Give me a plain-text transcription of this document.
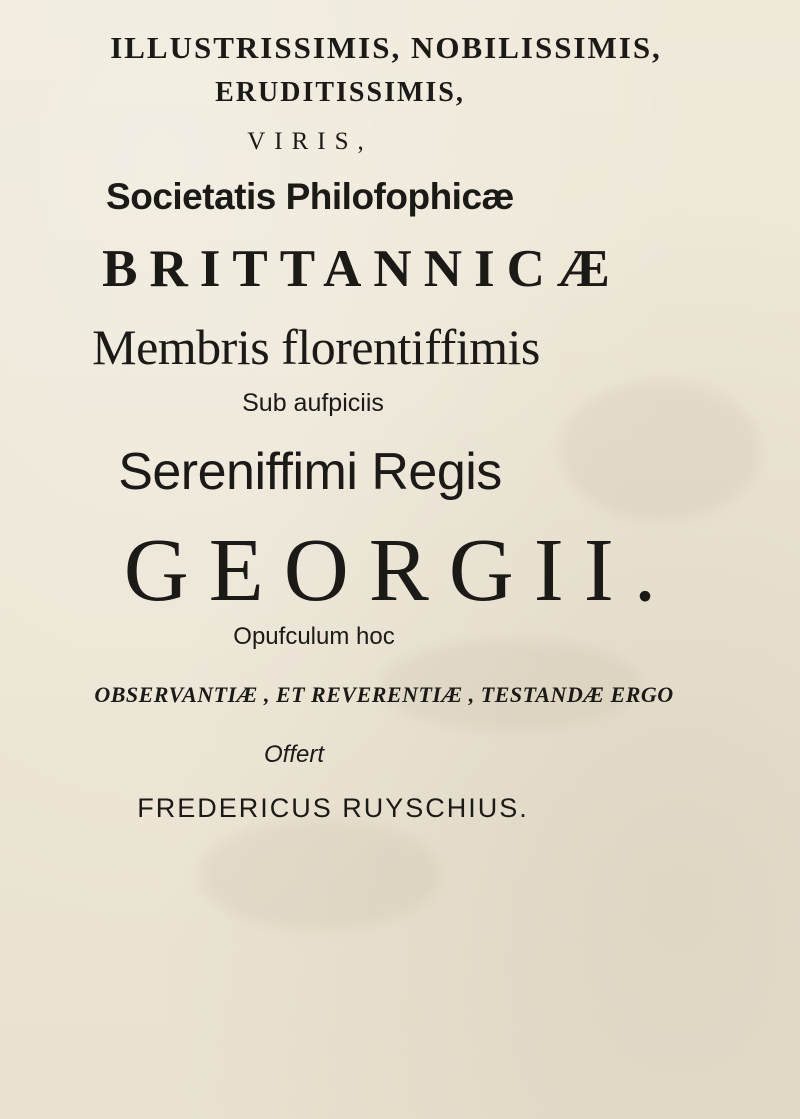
ILLUSTRISSIMIS, NOBILISSIMIS,
ERUDITISSIMIS,
VIRIS,
Societatis Philofophicæ
BRITTANNICÆ
Membris florentiffimis
Sub aufpiciis
Sereniffimi Regis
GEORGII.
Opufculum hoc
OBSERVANTIÆ , ET REVERENTIÆ , TESTANDÆ ERGO
Offert
FREDERICUS RUYSCHIUS.
